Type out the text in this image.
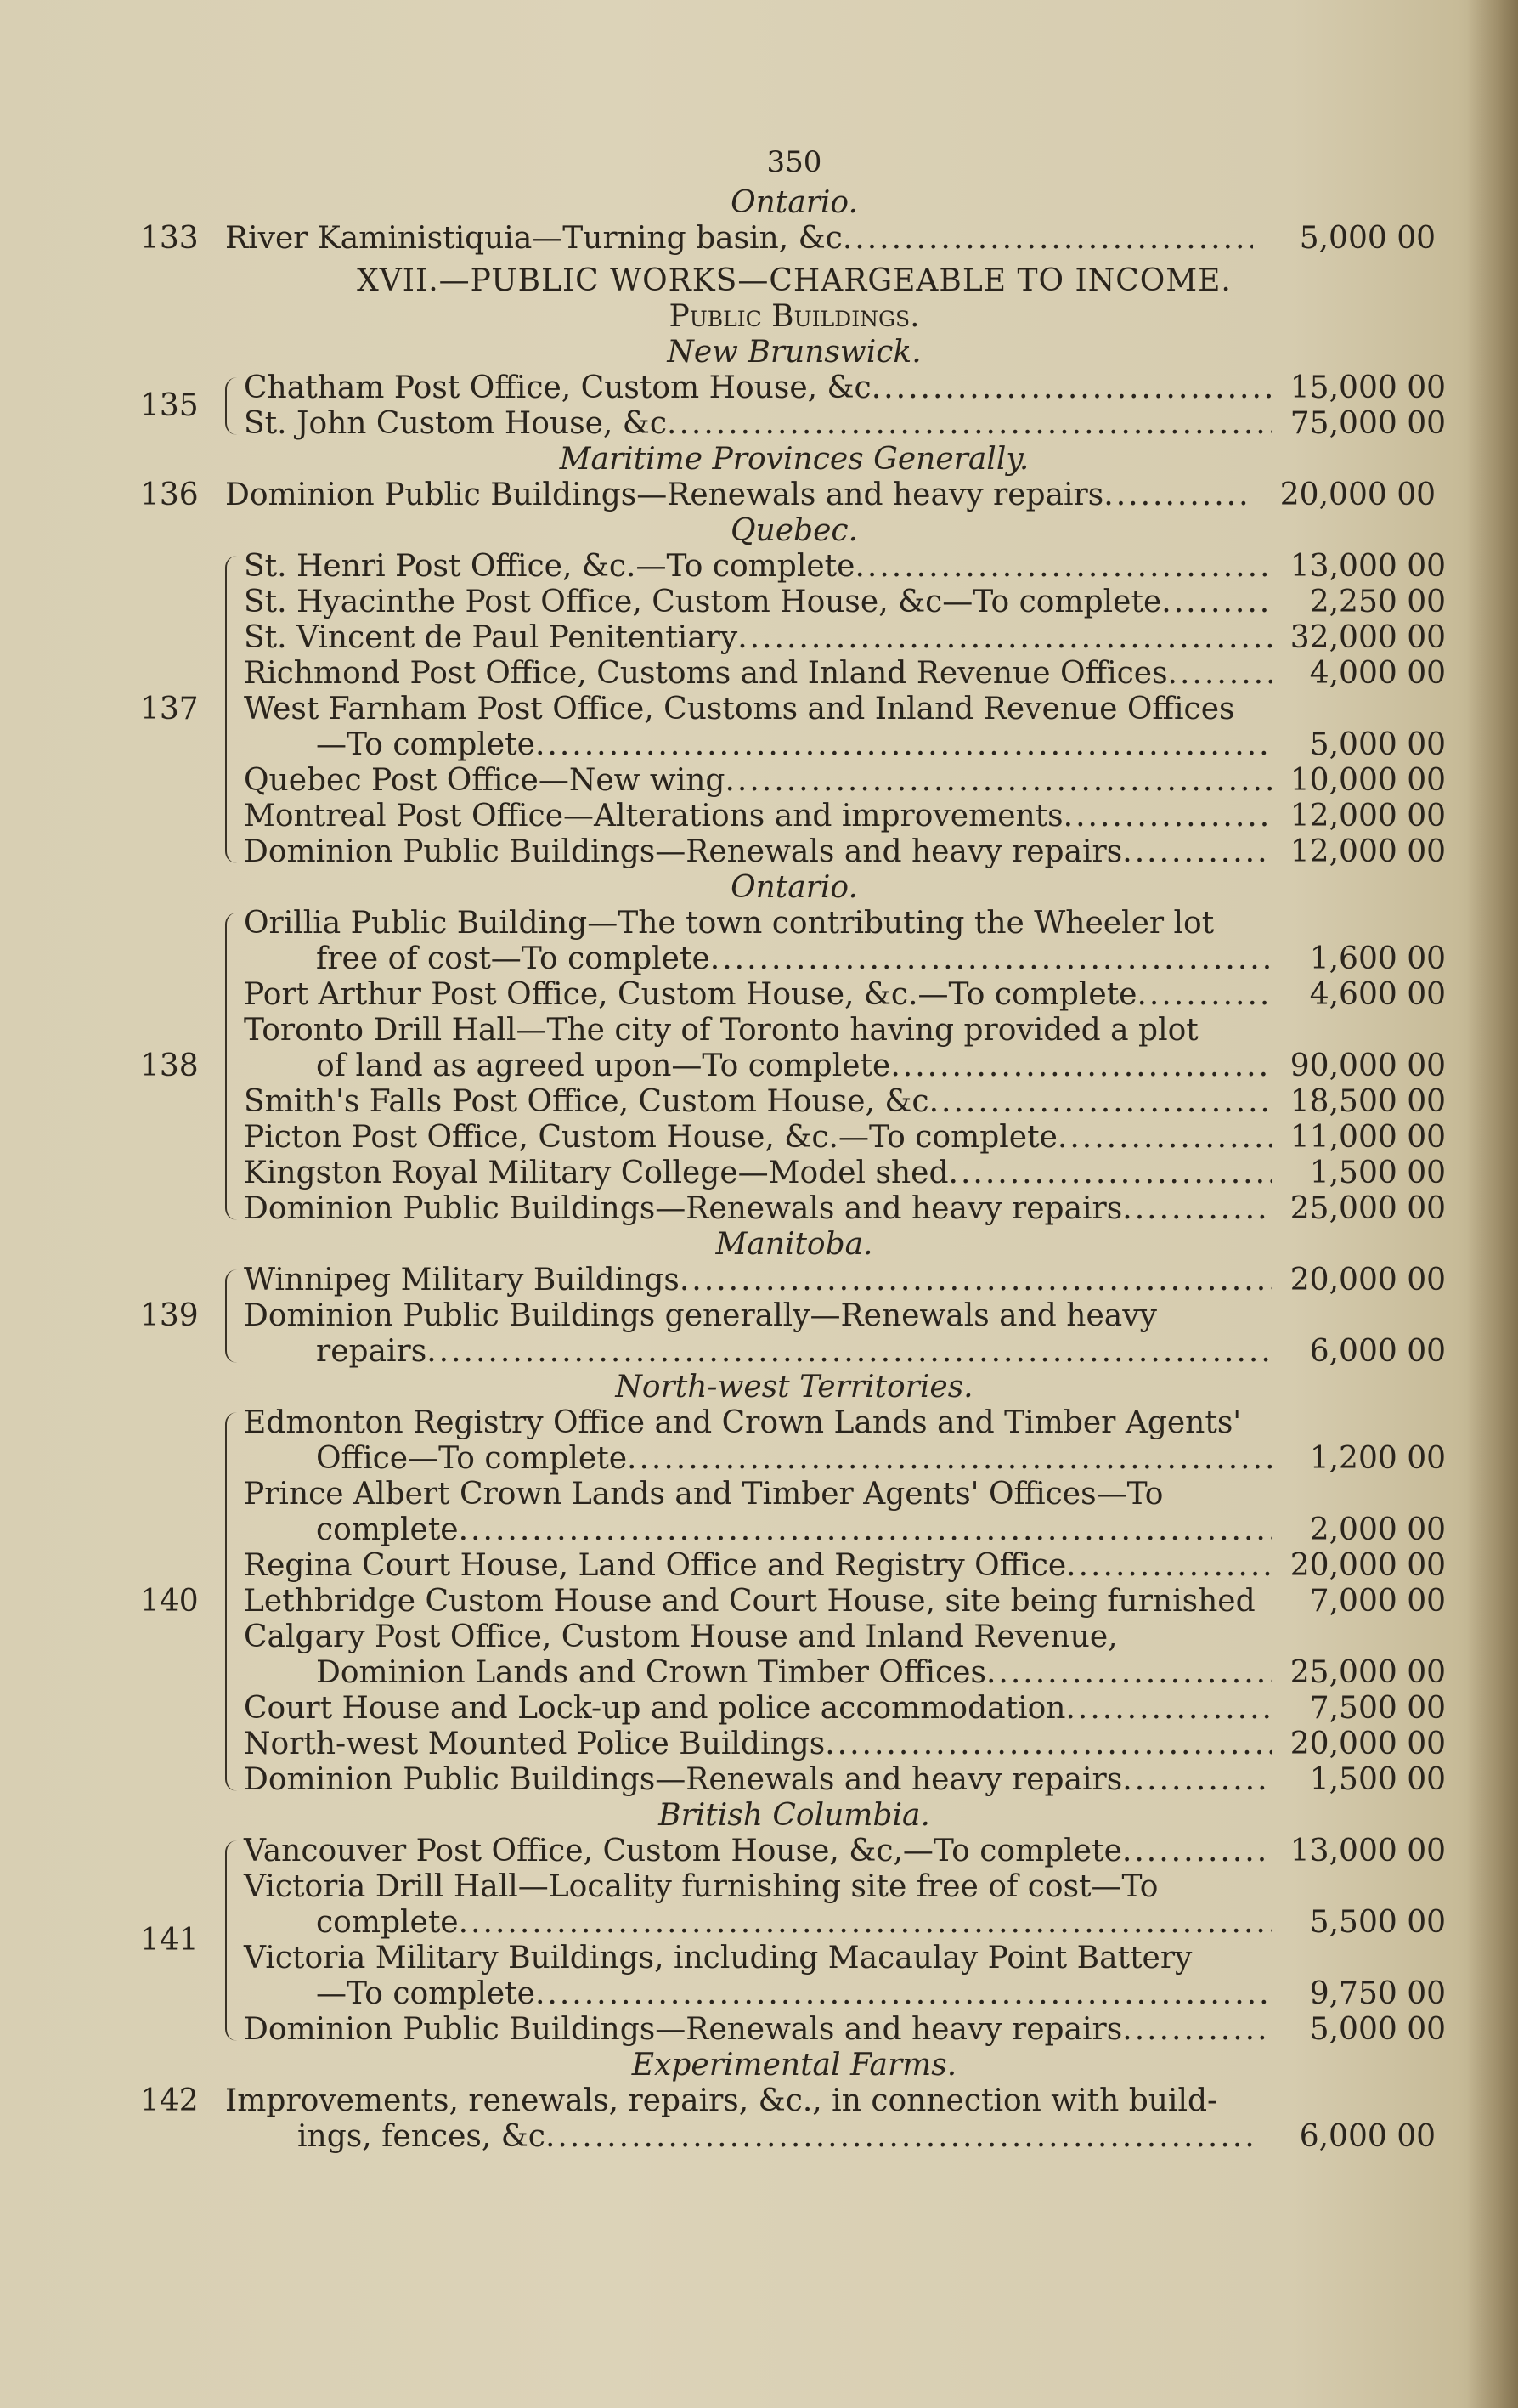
350
Ontario.
133 River Kaministiquia—Turning basin, &c .....	5,000 00
XVII.—PUBLIC WORKS—CHARGEABLE TO INCOME.
Public Buildings.
New Brunswick.
135
Chatham Post Office, Custom House, &c .....	15,000 00
St. John Custom House, &c .....	75,000 00
Maritime Provinces Generally.
136 Dominion Public Buildings—Renewals and heavy repairs .....	20,000 00
Quebec.
137
St. Henri Post Office, &c.—To complete .....	13,000 00
St. Hyacinthe Post Office, Custom House, &c—To complete .....	2,250 00
St. Vincent de Paul Penitentiary .....	32,000 00
Richmond Post Office, Customs and Inland Revenue Offices .....	4,000 00
West Farnham Post Office, Customs and Inland Revenue Offices
—To complete .....	5,000 00
Quebec Post Office—New wing .....	10,000 00
Montreal Post Office—Alterations and improvements .....	12,000 00
Dominion Public Buildings—Renewals and heavy repairs .....	12,000 00
Ontario.
138
Orillia Public Building—The town contributing the Wheeler lot
free of cost—To complete .....	1,600 00
Port Arthur Post Office, Custom House, &c.—To complete .....	4,600 00
Toronto Drill Hall—The city of Toronto having provided a plot
of land as agreed upon—To complete .....	90,000 00
Smith's Falls Post Office, Custom House, &c .....	18,500 00
Picton Post Office, Custom House, &c.—To complete .....	11,000 00
Kingston Royal Military College—Model shed .....	1,500 00
Dominion Public Buildings—Renewals and heavy repairs .....	25,000 00
Manitoba.
139
Winnipeg Military Buildings .....	20,000 00
Dominion Public Buildings generally—Renewals and heavy
repairs .....	6,000 00
North-west Territories.
140
Edmonton Registry Office and Crown Lands and Timber Agents'
Office—To complete .....	1,200 00
Prince Albert Crown Lands and Timber Agents' Offices—To
complete .....	2,000 00
Regina Court House, Land Office and Registry Office .....	20,000 00
Lethbridge Custom House and Court House, site being furnished	7,000 00
Calgary Post Office, Custom House and Inland Revenue,
Dominion Lands and Crown Timber Offices .....	25,000 00
Court House and Lock-up and police accommodation .....	7,500 00
North-west Mounted Police Buildings .....	20,000 00
Dominion Public Buildings—Renewals and heavy repairs .....	1,500 00
British Columbia.
141
Vancouver Post Office, Custom House, &c,—To complete .....	13,000 00
Victoria Drill Hall—Locality furnishing site free of cost—To
complete .....	5,500 00
Victoria Military Buildings, including Macaulay Point Battery
—To complete .....	9,750 00
Dominion Public Buildings—Renewals and heavy repairs .....	5,000 00
Experimental Farms.
142 Improvements, renewals, repairs, &c., in connection with build-
ings, fences, &c .....	6,000 00
